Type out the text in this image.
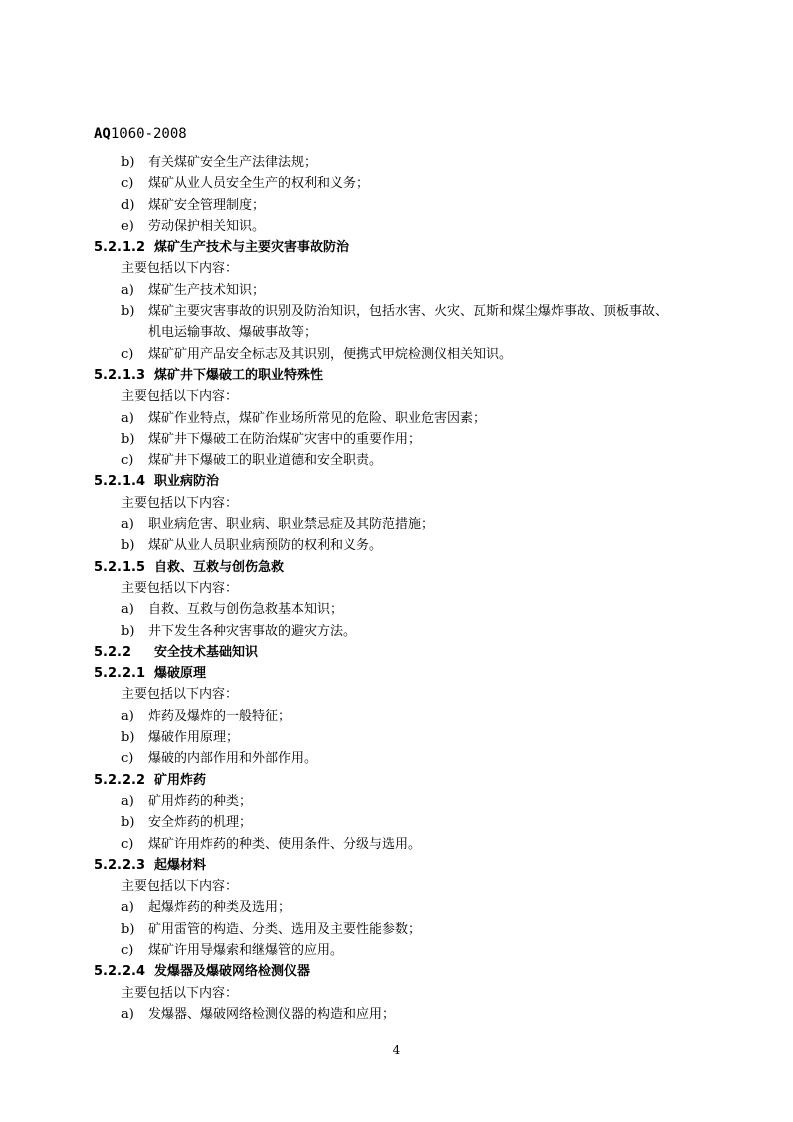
AQ1060-2008
b) 有关煤矿安全生产法律法规；
c) 煤矿从业人员安全生产的权利和义务；
d) 煤矿安全管理制度；
e) 劳动保护相关知识。
5.2.1.2 煤矿生产技术与主要灾害事故防治
主要包括以下内容：
a) 煤矿生产技术知识；
b) 煤矿主要灾害事故的识别及防治知识，包括水害、火灾、瓦斯和煤尘爆炸事故、顶板事故、
机电运输事故、爆破事故等；
c) 煤矿矿用产品安全标志及其识别，便携式甲烷检测仪相关知识。
5.2.1.3 煤矿井下爆破工的职业特殊性
主要包括以下内容：
a) 煤矿作业特点，煤矿作业场所常见的危险、职业危害因素；
b) 煤矿井下爆破工在防治煤矿灾害中的重要作用；
c) 煤矿井下爆破工的职业道德和安全职责。
5.2.1.4 职业病防治
主要包括以下内容：
a) 职业病危害、职业病、职业禁忌症及其防范措施；
b) 煤矿从业人员职业病预防的权利和义务。
5.2.1.5 自救、互救与创伤急救
主要包括以下内容：
a) 自救、互救与创伤急救基本知识；
b) 井下发生各种灾害事故的避灾方法。
5.2.2 安全技术基础知识
5.2.2.1 爆破原理
主要包括以下内容：
a) 炸药及爆炸的一般特征；
b) 爆破作用原理；
c) 爆破的内部作用和外部作用。
5.2.2.2 矿用炸药
a) 矿用炸药的种类；
b) 安全炸药的机理；
c) 煤矿许用炸药的种类、使用条件、分级与选用。
5.2.2.3 起爆材料
主要包括以下内容：
a) 起爆炸药的种类及选用；
b) 矿用雷管的构造、分类、选用及主要性能参数；
c) 煤矿许用导爆索和继爆管的应用。
5.2.2.4 发爆器及爆破网络检测仪器
主要包括以下内容：
a) 发爆器、爆破网络检测仪器的构造和应用；
4
